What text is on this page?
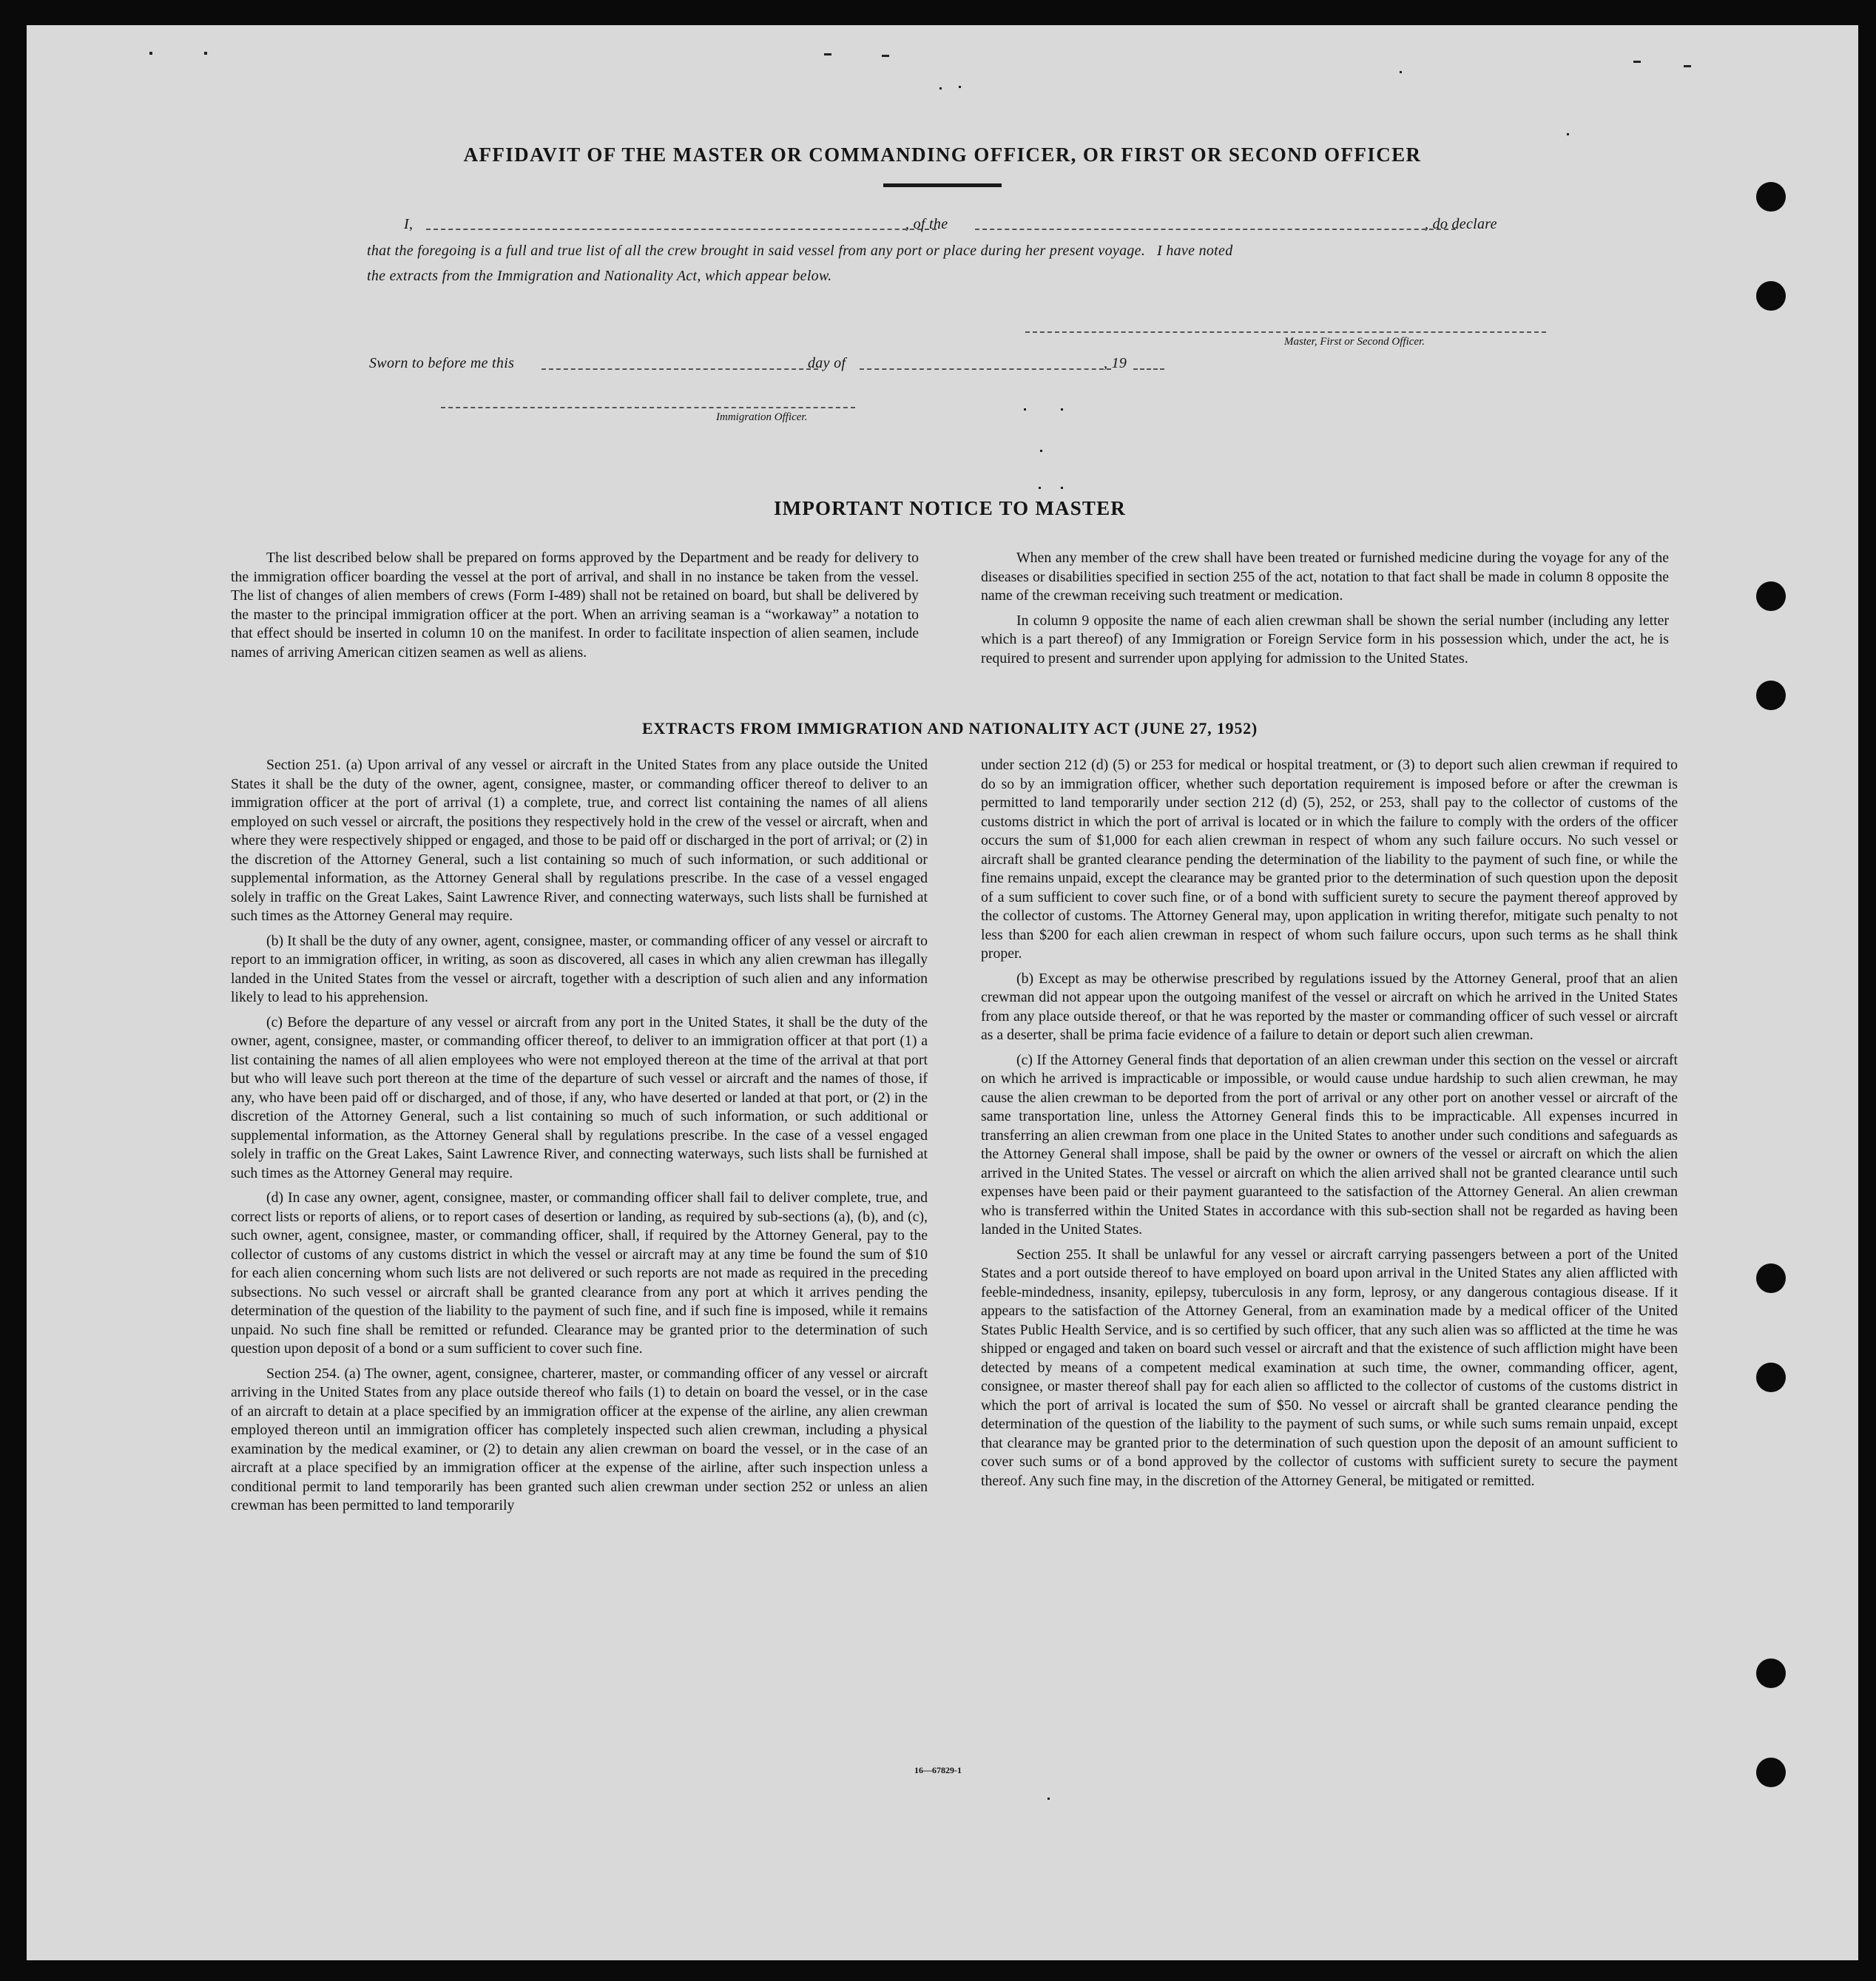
AFFIDAVIT OF THE MASTER OR COMMANDING OFFICER, OR FIRST OR SECOND OFFICER
I,	, of the	, do declare
that the foregoing is a full and true list of all the crew brought in said vessel from any port or place during her present voyage.   I have noted
the extracts from the Immigration and Nationality Act, which appear below.
Master, First or Second Officer.
Sworn to before me this	day of	, 19
Immigration Officer.
IMPORTANT NOTICE TO MASTER

The list described below shall be prepared on forms approved by the Department and be ready for delivery to the immigration officer boarding the vessel at the port of arrival, and shall in no instance be taken from the vessel. The list of changes of alien members of crews (Form I-489) shall not be retained on board, but shall be delivered by the master to the principal immigration officer at the port. When an arriving seaman is a “workaway” a notation to that effect should be inserted in column 10 on the manifest. In order to facilitate inspection of alien seamen, include names of arriving American citizen seamen as well as aliens.

When any member of the crew shall have been treated or furnished medicine during the voyage for any of the diseases or disabilities specified in section 255 of the act, notation to that fact shall be made in column 8 opposite the name of the crewman receiving such treatment or medication.

In column 9 opposite the name of each alien crewman shall be shown the serial number (including any letter which is a part thereof) of any Immigration or Foreign Service form in his possession which, under the act, he is required to present and surrender upon applying for admission to the United States.

EXTRACTS FROM IMMIGRATION AND NATIONALITY ACT (JUNE 27, 1952)

Section 251. (a) Upon arrival of any vessel or aircraft in the United States from any place outside the United States it shall be the duty of the owner, agent, consignee, master, or commanding officer thereof to deliver to an immigration officer at the port of arrival (1) a complete, true, and correct list containing the names of all aliens employed on such vessel or aircraft, the positions they respectively hold in the crew of the vessel or aircraft, when and where they were respectively shipped or engaged, and those to be paid off or discharged in the port of arrival; or (2) in the discretion of the Attorney General, such a list containing so much of such information, or such additional or supplemental information, as the Attorney General shall by regulations prescribe. In the case of a vessel engaged solely in traffic on the Great Lakes, Saint Lawrence River, and connecting waterways, such lists shall be furnished at such times as the Attorney General may require.

(b) It shall be the duty of any owner, agent, consignee, master, or commanding officer of any vessel or aircraft to report to an immigration officer, in writing, as soon as discovered, all cases in which any alien crewman has illegally landed in the United States from the vessel or aircraft, together with a description of such alien and any information likely to lead to his apprehension.

(c) Before the departure of any vessel or aircraft from any port in the United States, it shall be the duty of the owner, agent, consignee, master, or commanding officer thereof, to deliver to an immigration officer at that port (1) a list containing the names of all alien employees who were not employed thereon at the time of the arrival at that port but who will leave such port thereon at the time of the departure of such vessel or aircraft and the names of those, if any, who have been paid off or discharged, and of those, if any, who have deserted or landed at that port, or (2) in the discretion of the Attorney General, such a list containing so much of such information, or such additional or supplemental information, as the Attorney General shall by regulations prescribe. In the case of a vessel engaged solely in traffic on the Great Lakes, Saint Lawrence River, and connecting waterways, such lists shall be furnished at such times as the Attorney General may require.

(d) In case any owner, agent, consignee, master, or commanding officer shall fail to deliver complete, true, and correct lists or reports of aliens, or to report cases of desertion or landing, as required by sub-sections (a), (b), and (c), such owner, agent, consignee, master, or commanding officer, shall, if required by the Attorney General, pay to the collector of customs of any customs district in which the vessel or aircraft may at any time be found the sum of $10 for each alien concerning whom such lists are not delivered or such reports are not made as required in the preceding subsections. No such vessel or aircraft shall be granted clearance from any port at which it arrives pending the determination of the question of the liability to the payment of such fine, and if such fine is imposed, while it remains unpaid. No such fine shall be remitted or refunded. Clearance may be granted prior to the determination of such question upon deposit of a bond or a sum sufficient to cover such fine.

Section 254. (a) The owner, agent, consignee, charterer, master, or commanding officer of any vessel or aircraft arriving in the United States from any place outside thereof who fails (1) to detain on board the vessel, or in the case of an aircraft to detain at a place specified by an immigration officer at the expense of the airline, any alien crewman employed thereon until an immigration officer has completely inspected such alien crewman, including a physical examination by the medical examiner, or (2) to detain any alien crewman on board the vessel, or in the case of an aircraft at a place specified by an immigration officer at the expense of the airline, after such inspection unless a conditional permit to land temporarily has been granted such alien crewman under section 252 or unless an alien crewman has been permitted to land temporarily

under section 212 (d) (5) or 253 for medical or hospital treatment, or (3) to deport such alien crewman if required to do so by an immigration officer, whether such deportation requirement is imposed before or after the crewman is permitted to land temporarily under section 212 (d) (5), 252, or 253, shall pay to the collector of customs of the customs district in which the port of arrival is located or in which the failure to comply with the orders of the officer occurs the sum of $1,000 for each alien crewman in respect of whom any such failure occurs. No such vessel or aircraft shall be granted clearance pending the determination of the liability to the payment of such fine, or while the fine remains unpaid, except the clearance may be granted prior to the determination of such question upon the deposit of a sum sufficient to cover such fine, or of a bond with sufficient surety to secure the payment thereof approved by the collector of customs. The Attorney General may, upon application in writing therefor, mitigate such penalty to not less than $200 for each alien crewman in respect of whom such failure occurs, upon such terms as he shall think proper.

(b) Except as may be otherwise prescribed by regulations issued by the Attorney General, proof that an alien crewman did not appear upon the outgoing manifest of the vessel or aircraft on which he arrived in the United States from any place outside thereof, or that he was reported by the master or commanding officer of such vessel or aircraft as a deserter, shall be prima facie evidence of a failure to detain or deport such alien crewman.

(c) If the Attorney General finds that deportation of an alien crewman under this section on the vessel or aircraft on which he arrived is impracticable or impossible, or would cause undue hardship to such alien crewman, he may cause the alien crewman to be deported from the port of arrival or any other port on another vessel or aircraft of the same transportation line, unless the Attorney General finds this to be impracticable. All expenses incurred in transferring an alien crewman from one place in the United States to another under such conditions and safeguards as the Attorney General shall impose, shall be paid by the owner or owners of the vessel or aircraft on which the alien arrived in the United States. The vessel or aircraft on which the alien arrived shall not be granted clearance until such expenses have been paid or their payment guaranteed to the satisfaction of the Attorney General. An alien crewman who is transferred within the United States in accordance with this sub-section shall not be regarded as having been landed in the United States.

Section 255. It shall be unlawful for any vessel or aircraft carrying passengers between a port of the United States and a port outside thereof to have employed on board upon arrival in the United States any alien afflicted with feeble-mindedness, insanity, epilepsy, tuberculosis in any form, leprosy, or any dangerous contagious disease. If it appears to the satisfaction of the Attorney General, from an examination made by a medical officer of the United States Public Health Service, and is so certified by such officer, that any such alien was so afflicted at the time he was shipped or engaged and taken on board such vessel or aircraft and that the existence of such affliction might have been detected by means of a competent medical examination at such time, the owner, commanding officer, agent, consignee, or master thereof shall pay for each alien so afflicted to the collector of customs of the customs district in which the port of arrival is located the sum of $50. No vessel or aircraft shall be granted clearance pending the determination of the question of the liability to the payment of such sums, or while such sums remain unpaid, except that clearance may be granted prior to the determination of such question upon the deposit of an amount sufficient to cover such sums or of a bond approved by the collector of customs with sufficient surety to secure the payment thereof. Any such fine may, in the discretion of the Attorney General, be mitigated or remitted.

16—67829-1
